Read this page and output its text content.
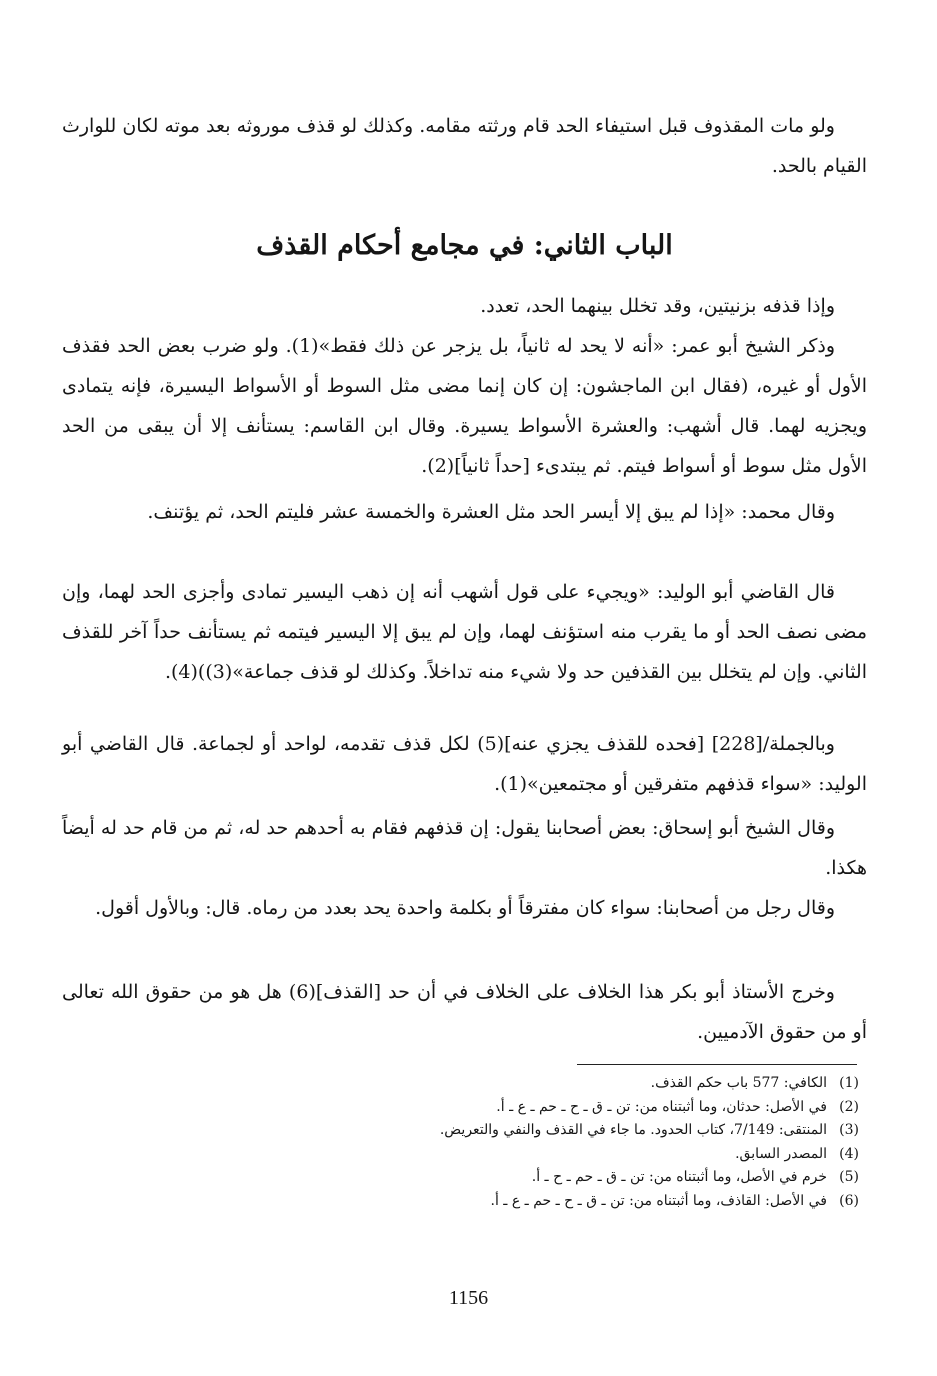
ولو مات المقذوف قبل استيفاء الحد قام ورثته مقامه. وكذلك لو قذف موروثه بعد موته لكان للوارث القيام بالحد.

الباب الثاني: في مجامع أحكام القذف

وإذا قذفه بزنيتين، وقد تخلل بينهما الحد، تعدد.

وذكر الشيخ أبو عمر: «أنه لا يحد له ثانياً، بل يزجر عن ذلك فقط»(1). ولو ضرب بعض الحد فقذف الأول أو غيره، (فقال ابن الماجشون: إن كان إنما مضى مثل السوط أو الأسواط اليسيرة، فإنه يتمادى ويجزيه لهما. قال أشهب: والعشرة الأسواط يسيرة. وقال ابن القاسم: يستأنف إلا أن يبقى من الحد الأول مثل سوط أو أسواط فيتم. ثم يبتدىء [حداً ثانياً](2).

وقال محمد: «إذا لم يبق إلا أيسر الحد مثل العشرة والخمسة عشر فليتم الحد، ثم يؤتنف.

قال القاضي أبو الوليد: «ويجيء على قول أشهب أنه إن ذهب اليسير تمادى وأجزى الحد لهما، وإن مضى نصف الحد أو ما يقرب منه استؤنف لهما، وإن لم يبق إلا اليسير فيتمه ثم يستأنف حداً آخر للقذف الثاني. وإن لم يتخلل بين القذفين حد ولا شيء منه تداخلاً. وكذلك لو قذف جماعة»(3))(4).

وبالجملة/[228] [فحده للقذف يجزي عنه](5) لكل قذف تقدمه، لواحد أو لجماعة. قال القاضي أبو الوليد: «سواء قذفهم متفرقين أو مجتمعين»(1).

وقال الشيخ أبو إسحاق: بعض أصحابنا يقول: إن قذفهم فقام به أحدهم حد له، ثم من قام حد له أيضاً هكذا.

وقال رجل من أصحابنا: سواء كان مفترقاً أو بكلمة واحدة يحد بعدد من رماه. قال: وبالأول أقول.

وخرج الأستاذ أبو بكر هذا الخلاف على الخلاف في أن حد [القذف](6) هل هو من حقوق الله تعالى أو من حقوق الآدميين.

(1)
الكافي: 577 باب حكم القذف.
(2)
في الأصل: حدثان، وما أثبتناه من: تن ـ ق ـ ح ـ حم ـ ع ـ أ.
(3)
المنتقى: 7/149، كتاب الحدود. ما جاء في القذف والنفي والتعريض.
(4)
المصدر السابق.
(5)
خرم في الأصل، وما أثبتناه من: تن ـ ق ـ حم ـ ح ـ أ.
(6)
في الأصل: القاذف، وما أثبتناه من: تن ـ ق ـ ح ـ حم ـ ع ـ أ.
1156
